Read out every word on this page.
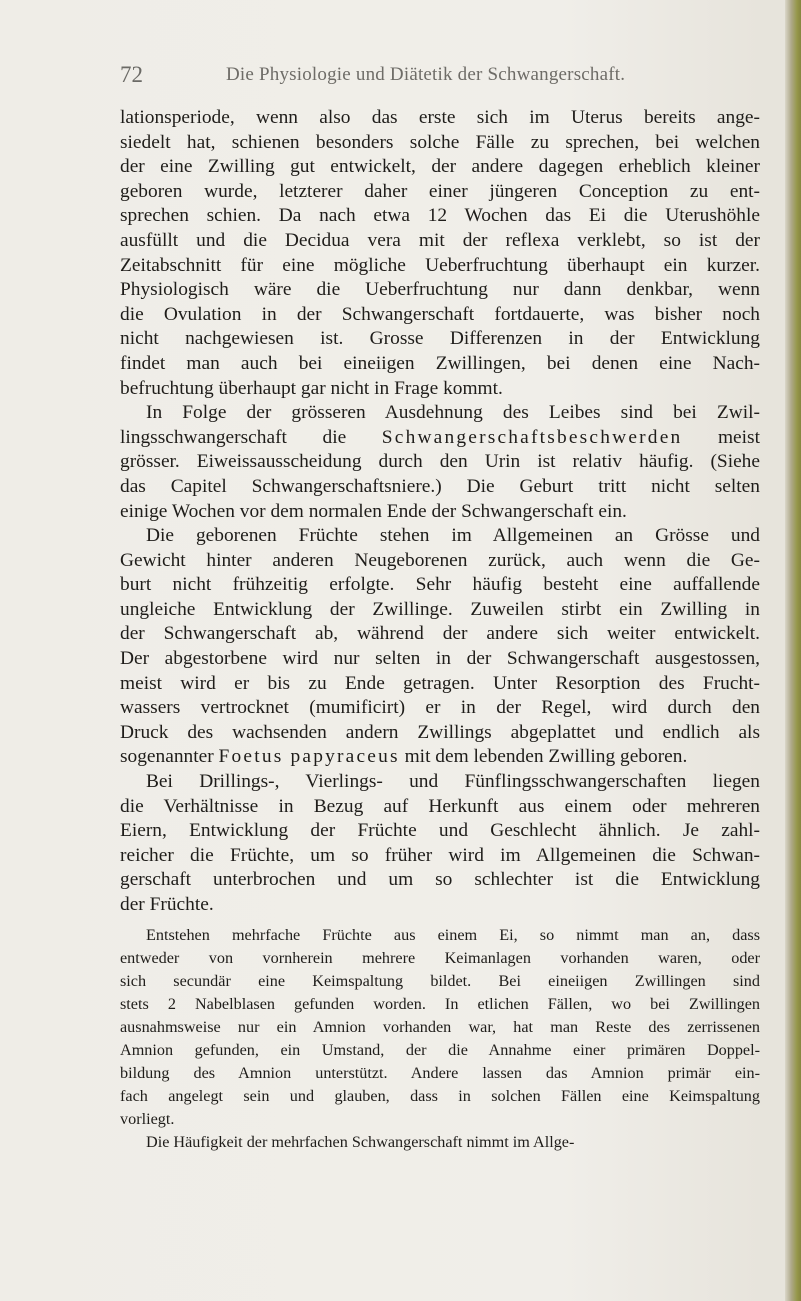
72	Die Physiologie und Diätetik der Schwangerschaft.
lationsperiode, wenn also das erste sich im Uterus bereits ange-
siedelt hat, schienen besonders solche Fälle zu sprechen, bei welchen
der eine Zwilling gut entwickelt, der andere dagegen erheblich kleiner
geboren wurde, letzterer daher einer jüngeren Conception zu ent-
sprechen schien. Da nach etwa 12 Wochen das Ei die Uterushöhle
ausfüllt und die Decidua vera mit der reflexa verklebt, so ist der
Zeitabschnitt für eine mögliche Ueberfruchtung überhaupt ein kurzer.
Physiologisch wäre die Ueberfruchtung nur dann denkbar, wenn
die Ovulation in der Schwangerschaft fortdauerte, was bisher noch
nicht nachgewiesen ist. Grosse Differenzen in der Entwicklung
findet man auch bei eineiigen Zwillingen, bei denen eine Nach-
befruchtung überhaupt gar nicht in Frage kommt.
In Folge der grösseren Ausdehnung des Leibes sind bei Zwil-
lingsschwangerschaft die Schwangerschaftsbeschwerden meist
grösser. Eiweissausscheidung durch den Urin ist relativ häufig. (Siehe
das Capitel Schwangerschaftsniere.) Die Geburt tritt nicht selten
einige Wochen vor dem normalen Ende der Schwangerschaft ein.
Die geborenen Früchte stehen im Allgemeinen an Grösse und
Gewicht hinter anderen Neugeborenen zurück, auch wenn die Ge-
burt nicht frühzeitig erfolgte. Sehr häufig besteht eine auffallende
ungleiche Entwicklung der Zwillinge. Zuweilen stirbt ein Zwilling in
der Schwangerschaft ab, während der andere sich weiter entwickelt.
Der abgestorbene wird nur selten in der Schwangerschaft ausgestossen,
meist wird er bis zu Ende getragen. Unter Resorption des Frucht-
wassers vertrocknet (mumificirt) er in der Regel, wird durch den
Druck des wachsenden andern Zwillings abgeplattet und endlich als
sogenannter Foetus papyraceus mit dem lebenden Zwilling geboren.
Bei Drillings-, Vierlings- und Fünflingsschwangerschaften liegen
die Verhältnisse in Bezug auf Herkunft aus einem oder mehreren
Eiern, Entwicklung der Früchte und Geschlecht ähnlich. Je zahl-
reicher die Früchte, um so früher wird im Allgemeinen die Schwan-
gerschaft unterbrochen und um so schlechter ist die Entwicklung
der Früchte.
Entstehen mehrfache Früchte aus einem Ei, so nimmt man an, dass
entweder von vornherein mehrere Keimanlagen vorhanden waren, oder
sich secundär eine Keimspaltung bildet. Bei eineiigen Zwillingen sind
stets 2 Nabelblasen gefunden worden. In etlichen Fällen, wo bei Zwillingen
ausnahmsweise nur ein Amnion vorhanden war, hat man Reste des zerrissenen
Amnion gefunden, ein Umstand, der die Annahme einer primären Doppel-
bildung des Amnion unterstützt. Andere lassen das Amnion primär ein-
fach angelegt sein und glauben, dass in solchen Fällen eine Keimspaltung
vorliegt.
Die Häufigkeit der mehrfachen Schwangerschaft nimmt im Allge-
